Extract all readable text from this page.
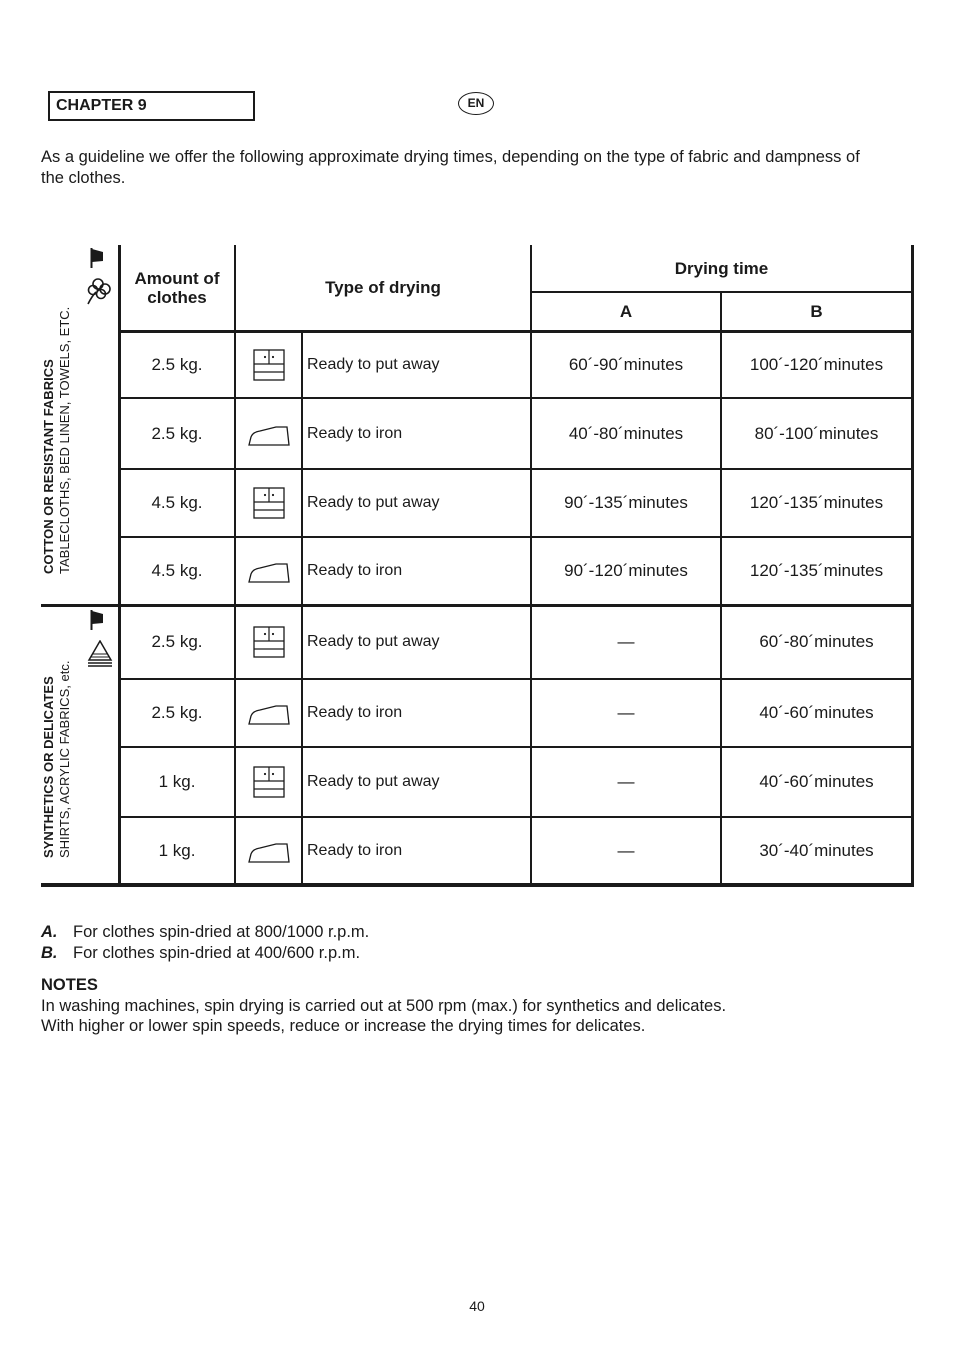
CHAPTER 9	EN
As a guideline we offer the following approximate drying times, depending on the type of fabric and dampness of the clothes.
Amount of clothes
Type of drying
Drying time
A	B
2.5 kg.	Ready to put away	60´-90´minutes	100´-120´minutes
2.5 kg.	Ready to iron	40´-80´minutes	80´-100´minutes
4.5 kg.	Ready to put away	90´-135´minutes	120´-135´minutes
4.5 kg.	Ready to iron	90´-120´minutes	120´-135´minutes
2.5 kg.	Ready to put away	—	60´-80´minutes
2.5 kg.	Ready to iron	—	40´-60´minutes
1 kg.	Ready to put away	—	40´-60´minutes
1 kg.	Ready to iron	—	30´-40´minutes
COTTON OR RESISTANT FABRICS
TABLECLOTHS, BED LINEN, TOWELS, ETC.
SYNTHETICS OR DELICATES
SHIRTS, ACRYLIC FABRICS, etc.
A. For clothes spin-dried at 800/1000 r.p.m.
B. For clothes spin-dried at 400/600 r.p.m.
NOTES
In washing machines, spin drying is carried out at 500 rpm (max.) for synthetics and delicates.
With higher or lower spin speeds, reduce or increase the drying times for delicates.
40
